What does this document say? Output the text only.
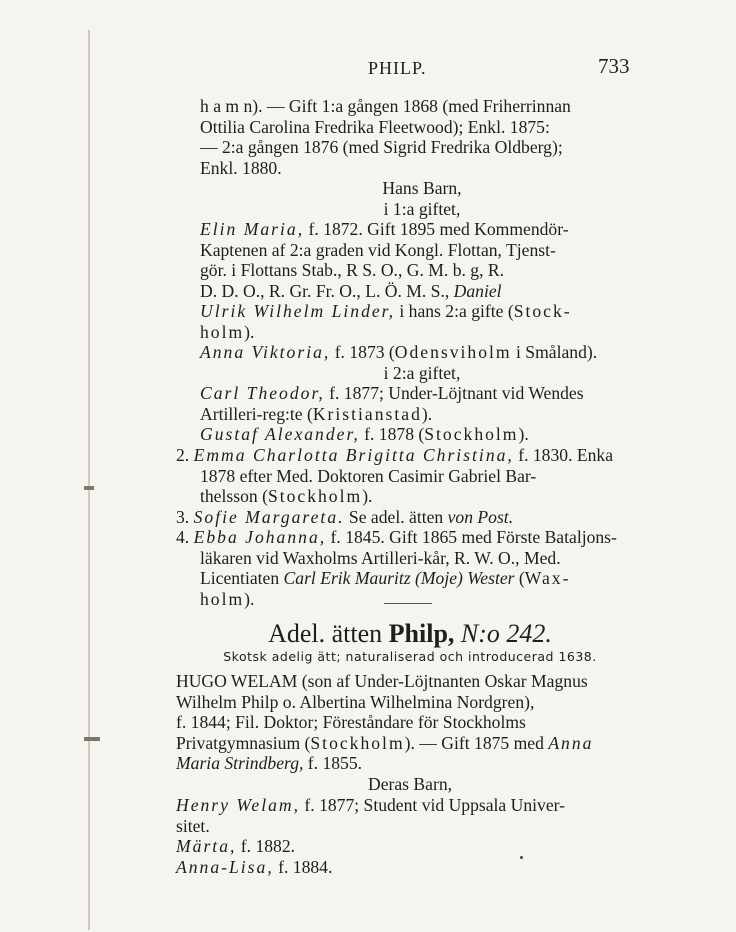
PHILP.	733

h a m n). — Gift 1:a gången 1868 (med Friherrinnan

Ottilia Carolina Fredrika Fleetwood); Enkl. 1875:

— 2:a gången 1876 (med Sigrid Fredrika Oldberg);

Enkl. 1880.

Hans Barn,

i 1:a giftet,

Elin Maria, f. 1872. Gift 1895 med Kommendör-

Kaptenen af 2:a graden vid Kongl. Flottan, Tjenst-

gör. i Flottans Stab., R S. O., G. M. b. g, R.

D. D. O., R. Gr. Fr. O., L. Ö. M. S., Daniel

Ulrik Wilhelm Linder, i hans 2:a gifte (Stock-

holm).

Anna Viktoria, f. 1873 (Odensviholm i Småland).

i 2:a giftet,

Carl Theodor, f. 1877; Under-Löjtnant vid Wendes

Artilleri-reg:te (Kristianstad).

Gustaf Alexander, f. 1878 (Stockholm).

2. Emma Charlotta Brigitta Christina, f. 1830. Enka
1878 efter Med. Doktoren Casimir Gabriel Bar-
thelsson (Stockholm).

3. Sofie Margareta. Se adel. ätten von Post.

4. Ebba Johanna, f. 1845. Gift 1865 med Förste Bataljons-
läkaren vid Waxholms Artilleri-kår, R. W. O., Med.
Licentiaten Carl Erik Mauritz (Moje) Wester (Wax-
holm).

Adel. ätten Philp, N:o 242.
Skotsk adelig ätt; naturaliserad och introducerad 1638.

HUGO WELAM (son af Under-Löjtnanten Oskar Magnus

Wilhelm Philp o. Albertina Wilhelmina Nordgren),

f. 1844; Fil. Doktor; Föreståndare för Stockholms

Privatgymnasium (Stockholm). — Gift 1875 med Anna

Maria Strindberg, f. 1855.

Deras Barn,

Henry Welam, f. 1877; Student vid Uppsala Univer-

sitet.

Märta, f. 1882.

Anna-Lisa, f. 1884.
